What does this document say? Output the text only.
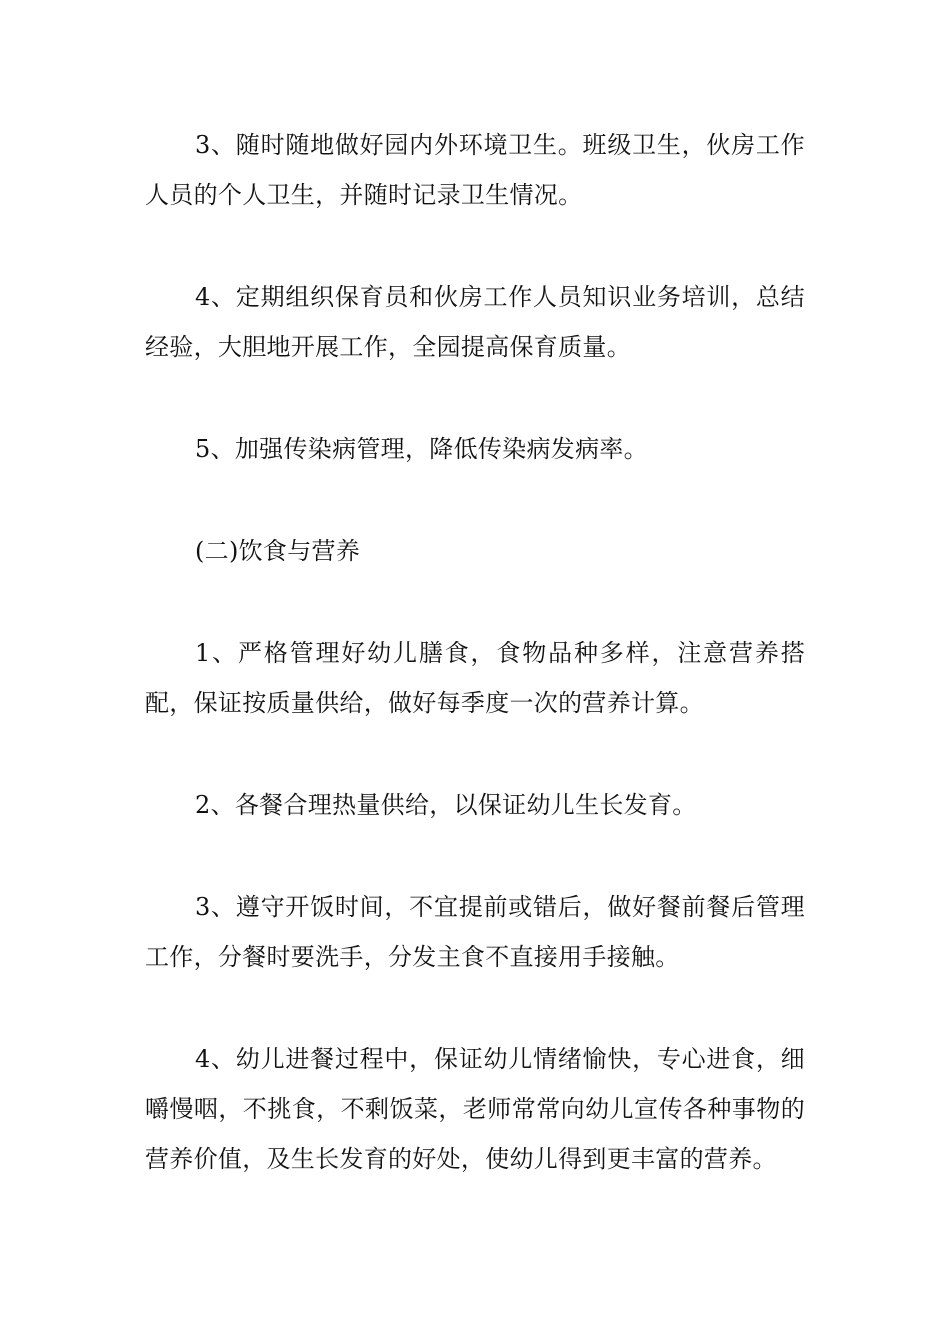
3、随时随地做好园内外环境卫生。班级卫生，伙房工作人员的个人卫生，并随时记录卫生情况。

4、定期组织保育员和伙房工作人员知识业务培训，总结经验，大胆地开展工作，全园提高保育质量。

5、加强传染病管理，降低传染病发病率。

(二)饮食与营养

1、严格管理好幼儿膳食，食物品种多样，注意营养搭配，保证按质量供给，做好每季度一次的营养计算。

2、各餐合理热量供给，以保证幼儿生长发育。

3、遵守开饭时间，不宜提前或错后，做好餐前餐后管理工作，分餐时要洗手，分发主食不直接用手接触。

4、幼儿进餐过程中，保证幼儿情绪愉快，专心进食，细嚼慢咽，不挑食，不剩饭菜，老师常常向幼儿宣传各种事物的营养价值，及生长发育的好处，使幼儿得到更丰富的营养。
